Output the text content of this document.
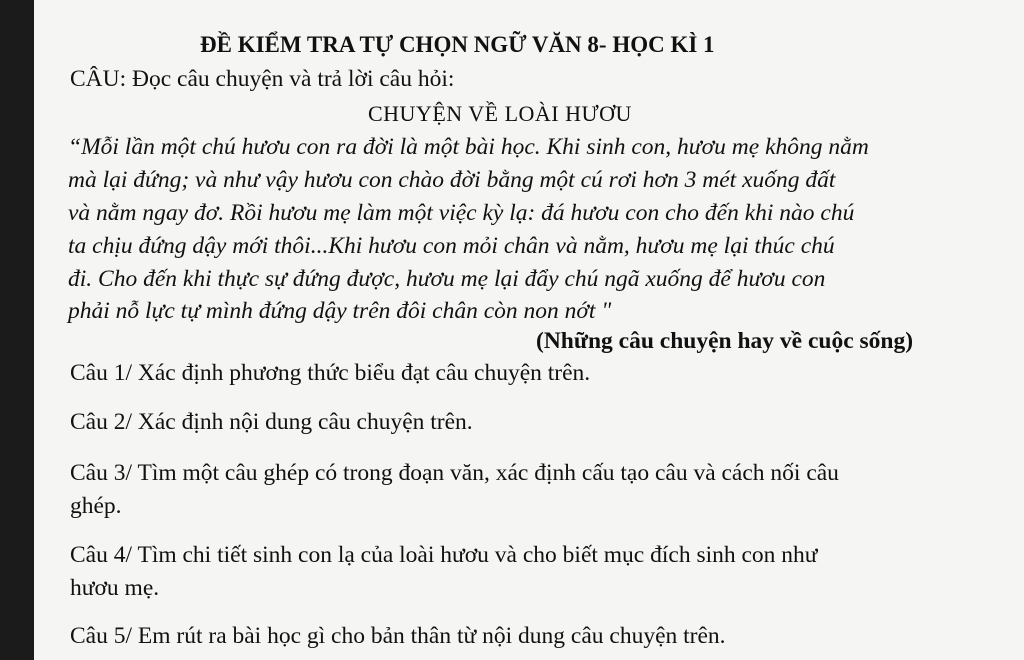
ĐỀ KIỂM TRA TỰ CHỌN NGỮ VĂN 8- HỌC KÌ 1
CÂU: Đọc câu chuyện và trả lời câu hỏi:
CHUYỆN VỀ LOÀI HƯƠU
“Mỗi lần một chú hươu con ra đời là một bài học. Khi sinh con, hươu mẹ không nằm
mà lại đứng; và như vậy hươu con chào đời bằng một cú rơi hơn 3 mét xuống đất
và nằm ngay đơ. Rồi hươu mẹ làm một việc kỳ lạ: đá hươu con cho đến khi nào chú
ta chịu đứng dậy mới thôi...Khi hươu con mỏi chân và nằm, hươu mẹ lại thúc chú
đi. Cho đến khi thực sự đứng được, hươu mẹ lại đẩy chú ngã xuống để hươu con
phải nỗ lực tự mình đứng dậy trên đôi chân còn non nớt "
(Những câu chuyện hay về cuộc sống)
Câu 1/ Xác định phương thức biểu đạt câu chuyện trên.
Câu 2/ Xác định nội dung câu chuyện trên.
Câu 3/ Tìm một câu ghép có trong đoạn văn, xác định cấu tạo câu và cách nối câu
ghép.
Câu 4/ Tìm chi tiết sinh con lạ của loài hươu và cho biết mục đích sinh con như
hươu mẹ.
Câu 5/ Em rút ra bài học gì cho bản thân từ nội dung câu chuyện trên.
